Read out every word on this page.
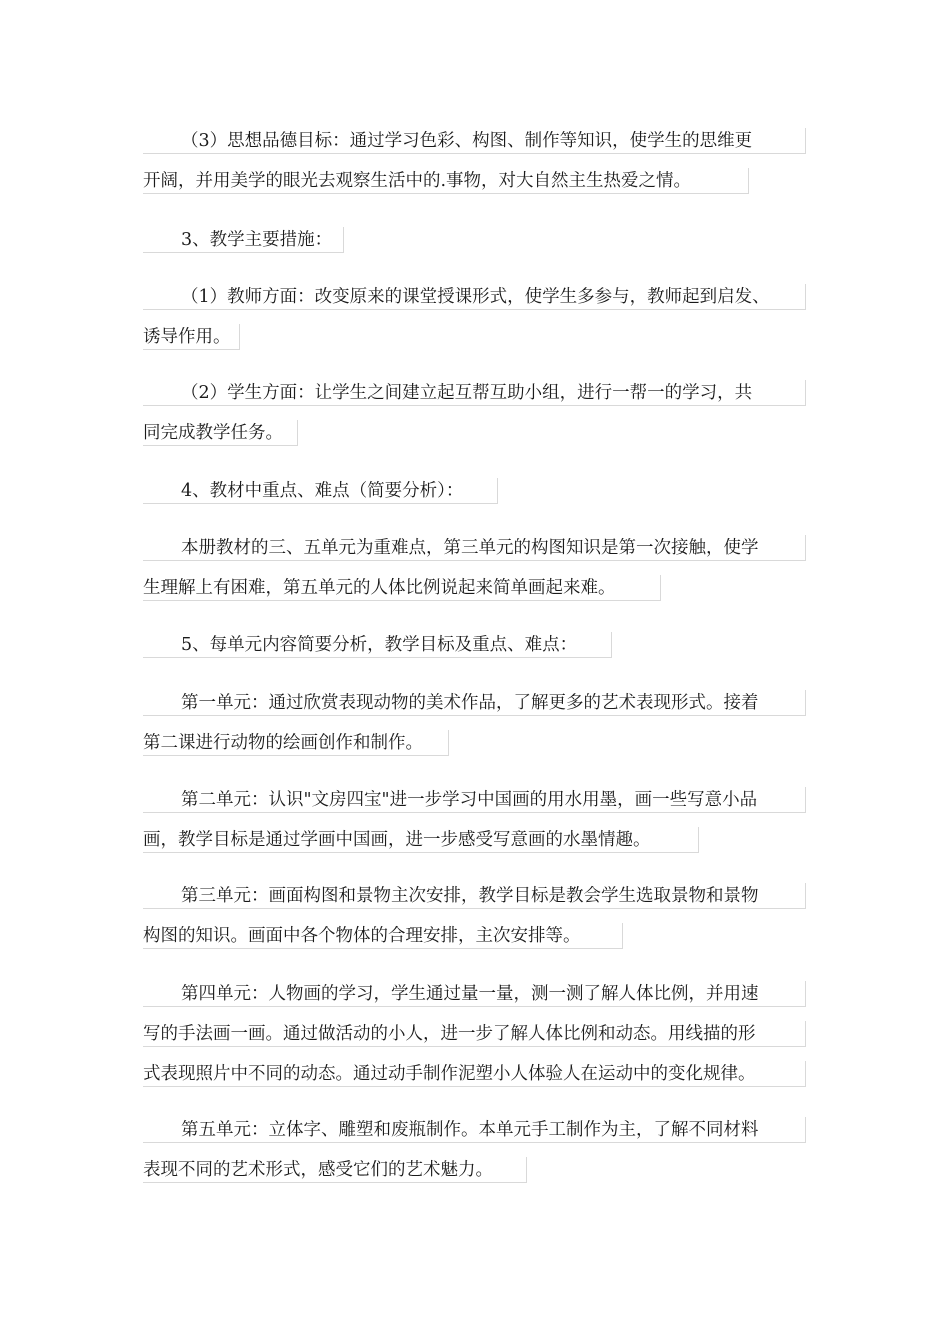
（3）思想品德目标：通过学习色彩、构图、制作等知识，使学生的思维更
开阔，并用美学的眼光去观察生活中的.事物，对大自然主生热爱之情。
3、教学主要措施：
（1）教师方面：改变原来的课堂授课形式，使学生多参与，教师起到启发、
诱导作用。
（2）学生方面：让学生之间建立起互帮互助小组，进行一帮一的学习，共
同完成教学任务。
4、教材中重点、难点（简要分析）：
本册教材的三、五单元为重难点，第三单元的构图知识是第一次接触，使学
生理解上有困难，第五单元的人体比例说起来简单画起来难。
5、每单元内容简要分析，教学目标及重点、难点：
第一单元：通过欣赏表现动物的美术作品，了解更多的艺术表现形式。接着
第二课进行动物的绘画创作和制作。
第二单元：认识"文房四宝"进一步学习中国画的用水用墨，画一些写意小品
画，教学目标是通过学画中国画，进一步感受写意画的水墨情趣。
第三单元：画面构图和景物主次安排，教学目标是教会学生选取景物和景物
构图的知识。画面中各个物体的合理安排，主次安排等。
第四单元：人物画的学习，学生通过量一量，测一测了解人体比例，并用速
写的手法画一画。通过做活动的小人，进一步了解人体比例和动态。用线描的形
式表现照片中不同的动态。通过动手制作泥塑小人体验人在运动中的变化规律。
第五单元：立体字、雕塑和废瓶制作。本单元手工制作为主，了解不同材料
表现不同的艺术形式，感受它们的艺术魅力。
